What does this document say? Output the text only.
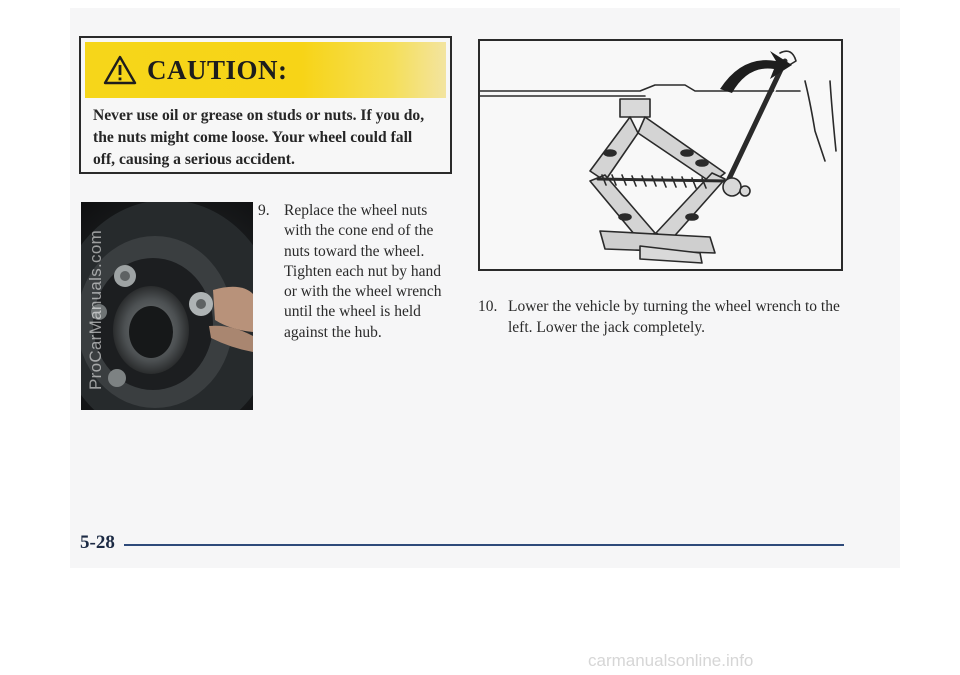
CAUTION:
Never use oil or grease on studs or nuts. If you do, the nuts might come loose. Your wheel could fall off, causing a serious accident.
9. Replace the wheel nuts with the cone end of the nuts toward the wheel. Tighten each nut by hand or with the wheel wrench until the wheel is held against the hub.
10. Lower the vehicle by turning the wheel wrench to the left. Lower the jack completely.
5-28
ProCarManuals.com
carmanualsonline.info
